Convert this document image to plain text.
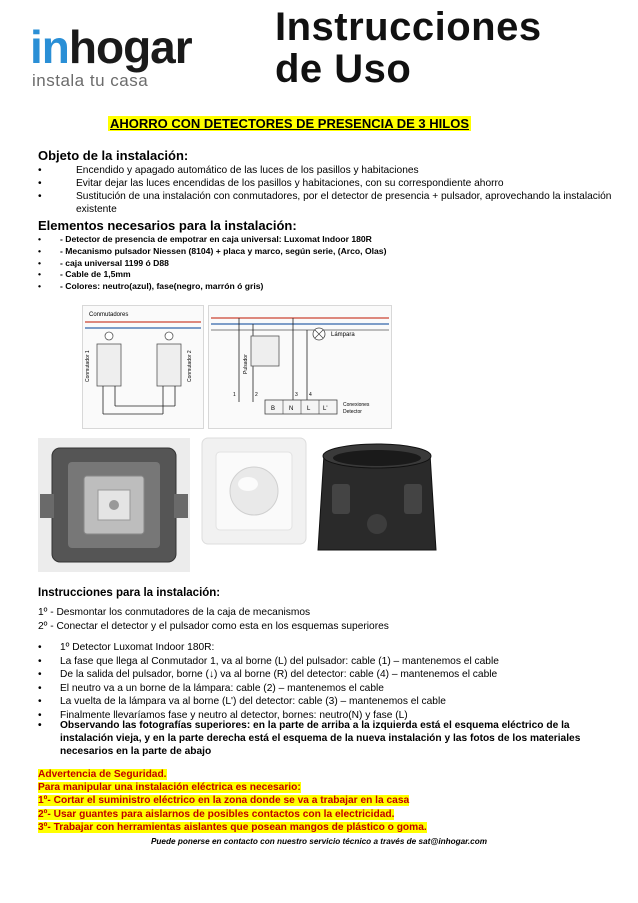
inhogar
instala tu casa
Instrucciones
de Uso
AHORRO CON DETECTORES DE PRESENCIA DE 3 HILOS
Objeto de la instalación:
•	Encendido y apagado automático de las luces de los pasillos y habitaciones
•	Evitar dejar las luces encendidas de los pasillos y habitaciones, con su correspondiente ahorro
•	Sustitución de una instalación con conmutadores, por el detector de presencia + pulsador, aprovechando la instalación existente
Elementos necesarios para la instalación:
• - Detector de presencia de empotrar en caja universal: Luxomat Indoor 180R
• - Mecanismo pulsador Niessen (8104) + placa y marco, según serie, (Arco, Olas)
• - caja universal 1199 ó D88
• - Cable de 1,5mm
• - Colores: neutro(azul), fase(negro, marrón ó gris)
Conmutadores
Conmutador 1	Conmutador 2	Pulsador
Lámpara
B N L L'
Conexiones
Detector
1	2	3 4
Instrucciones para la instalación:
1º - Desmontar los conmutadores de la caja de mecanismos
2º - Conectar el detector y el pulsador como esta en los esquemas superiores
• 1º Detector Luxomat Indoor 180R:
• La fase que llega al Conmutador 1, va al borne (L) del pulsador: cable (1) – mantenemos el cable
• De la salida del pulsador, borne (↓) va al borne (R) del detector: cable (4) – mantenemos el cable
• El neutro va a un borne de la lámpara: cable (2) – mantenemos el cable
• La vuelta de la lámpara va al borne (L') del detector: cable (3) – mantenemos el cable
• Finalmente llevaríamos fase y neutro al detector, bornes: neutro(N) y fase (L)
• Observando las fotografías superiores: en la parte de arriba a la izquierda está el esquema eléctrico de la instalación vieja, y en la parte derecha está el esquema de la nueva instalación y las fotos de los materiales necesarios en la parte de abajo
Advertencia de Seguridad.
Para manipular una instalación eléctrica es necesario:
1º- Cortar el suministro eléctrico en la zona donde se va a trabajar en la casa
2º- Usar guantes para aislarnos de posibles contactos con la electricidad.
3º- Trabajar con herramientas aislantes que posean mangos de plástico o goma.
Puede ponerse en contacto con nuestro servicio técnico a través de sat@inhogar.com
